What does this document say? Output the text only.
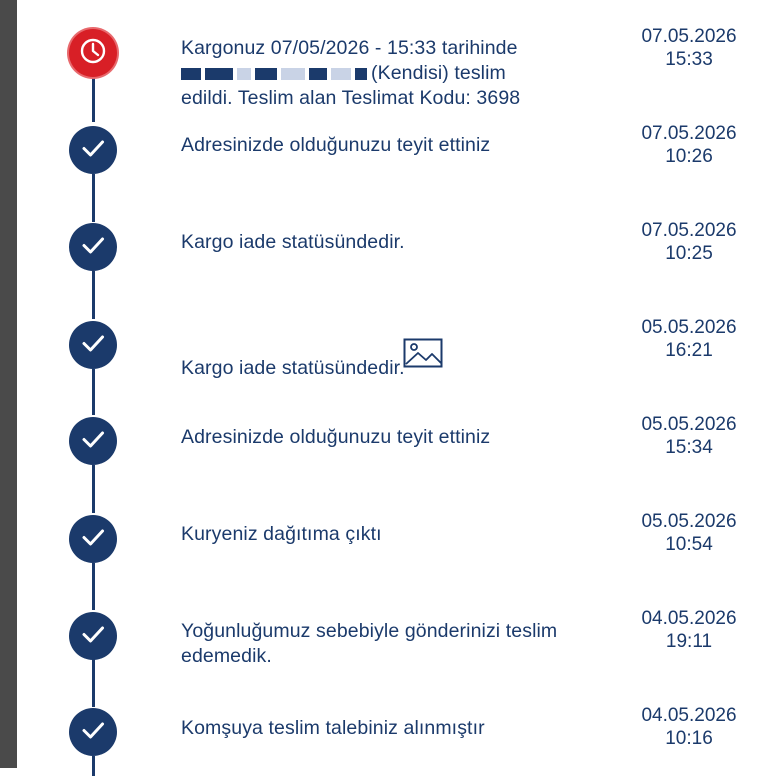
Kargonuz 07/05/2026 - 15:33 tarihinde
(Kendisi) teslim
edildi. Teslim alan Teslimat Kodu: 3698
07.05.2026
15:33
Adresinizde olduğunuzu teyit ettiniz
07.05.2026
10:26
Kargo iade statüsündedir.
07.05.2026
10:25
Kargo iade statüsündedir.
05.05.2026
16:21
Adresinizde olduğunuzu teyit ettiniz
05.05.2026
15:34
Kuryeniz dağıtıma çıktı
05.05.2026
10:54
Yoğunluğumuz sebebiyle gönderinizi teslim edemedik.
04.05.2026
19:11
Komşuya teslim talebiniz alınmıştır
04.05.2026
10:16
